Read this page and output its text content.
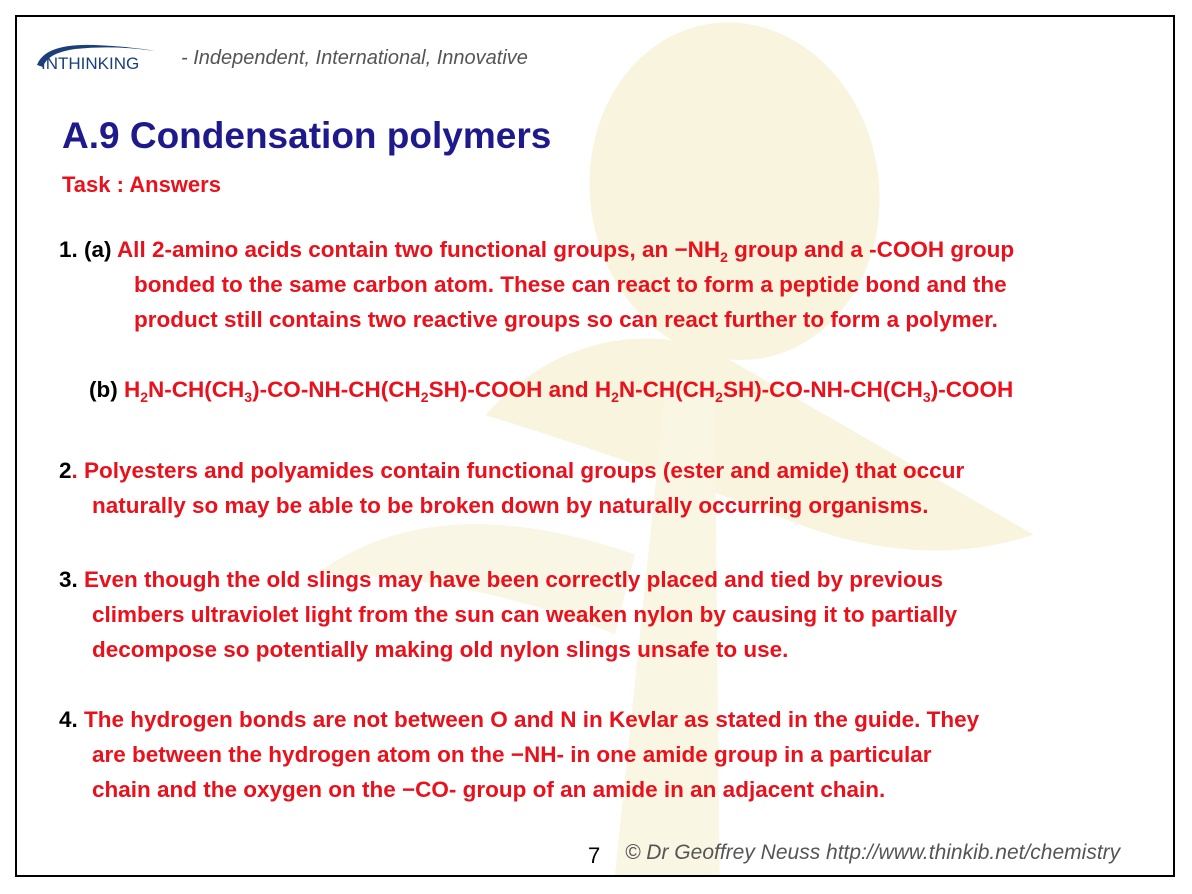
INTHINKING - Independent, International, Innovative
A.9 Condensation polymers
Task : Answers
1. (a) All 2-amino acids contain two functional groups, an $-NH_2$ group and a -COOH group
bonded to the same carbon atom. These can react to form a peptide bond and the
product still contains two reactive groups so can react further to form a polymer.
(b) $H_2N-CH(CH_3)-CO-NH-CH(CH_2SH)$-COOH and $H_2N-CH(CH_2SH)-CO-NH-CH(CH_3)$-COOH
2. Polyesters and polyamides contain functional groups (ester and amide) that occur
naturally so may be able to be broken down by naturally occurring organisms.
3. Even though the old slings may have been correctly placed and tied by previous
climbers ultraviolet light from the sun can weaken nylon by causing it to partially
decompose so potentially making old nylon slings unsafe to use.
4. The hydrogen bonds are not between O and N in Kevlar as stated in the guide. They
are between the hydrogen atom on the −NH- in one amide group in a particular
chain and the oxygen on the −CO- group of an amide in an adjacent chain.
7 © Dr Geoffrey Neuss http://www.thinkib.net/chemistry
